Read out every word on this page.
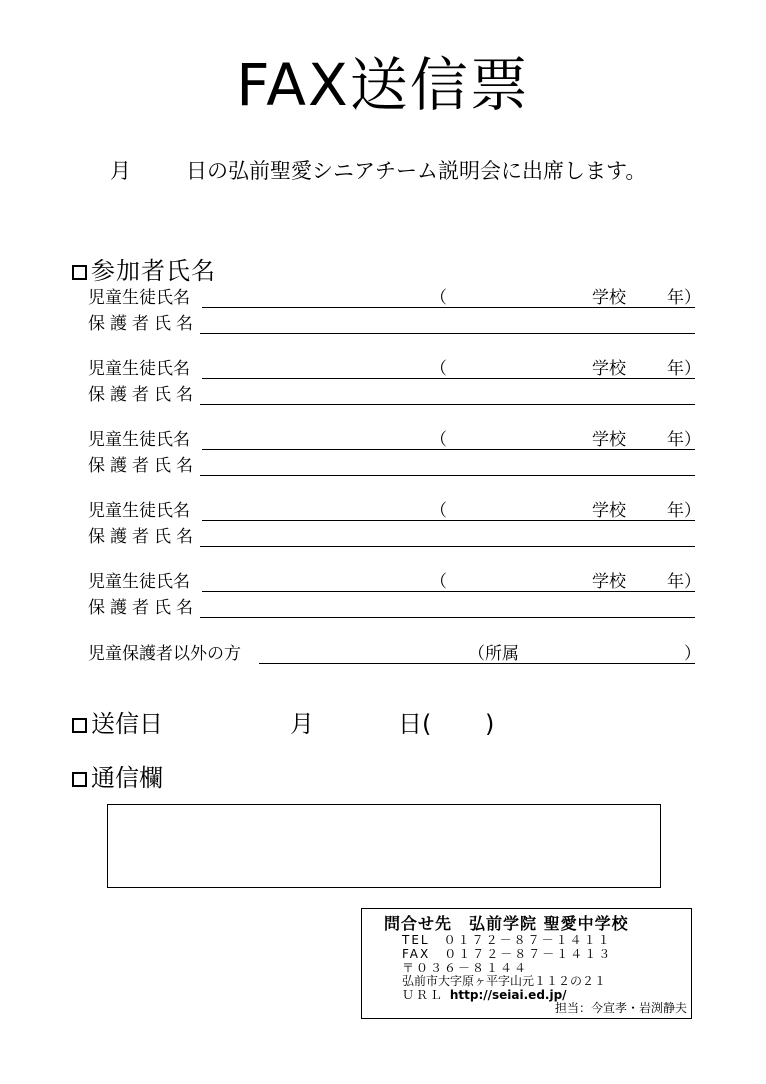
FAX送信票
月	日の弘前聖愛シニアチーム説明会に出席します。
参加者氏名
児童生徒氏名	（	学校 年）
保護者氏名
児童生徒氏名	（	学校 年）
保護者氏名
児童生徒氏名	（	学校 年）
保護者氏名
児童生徒氏名	（	学校 年）
保護者氏名
児童生徒氏名	（	学校 年）
保護者氏名
児童保護者以外の方	（所属	）
送信日	月	日( )
通信欄
問合せ先　弘前学院 聖愛中学校
TEL　０１７２－８７－１４１１
FAX　０１７２－８７－１４１３
〒０３６－８１４４
弘前市大字原ヶ平字山元１１２の２１
ＵＲＬ http://seiai.ed.jp/
担当：今宣孝・岩渕静夫
